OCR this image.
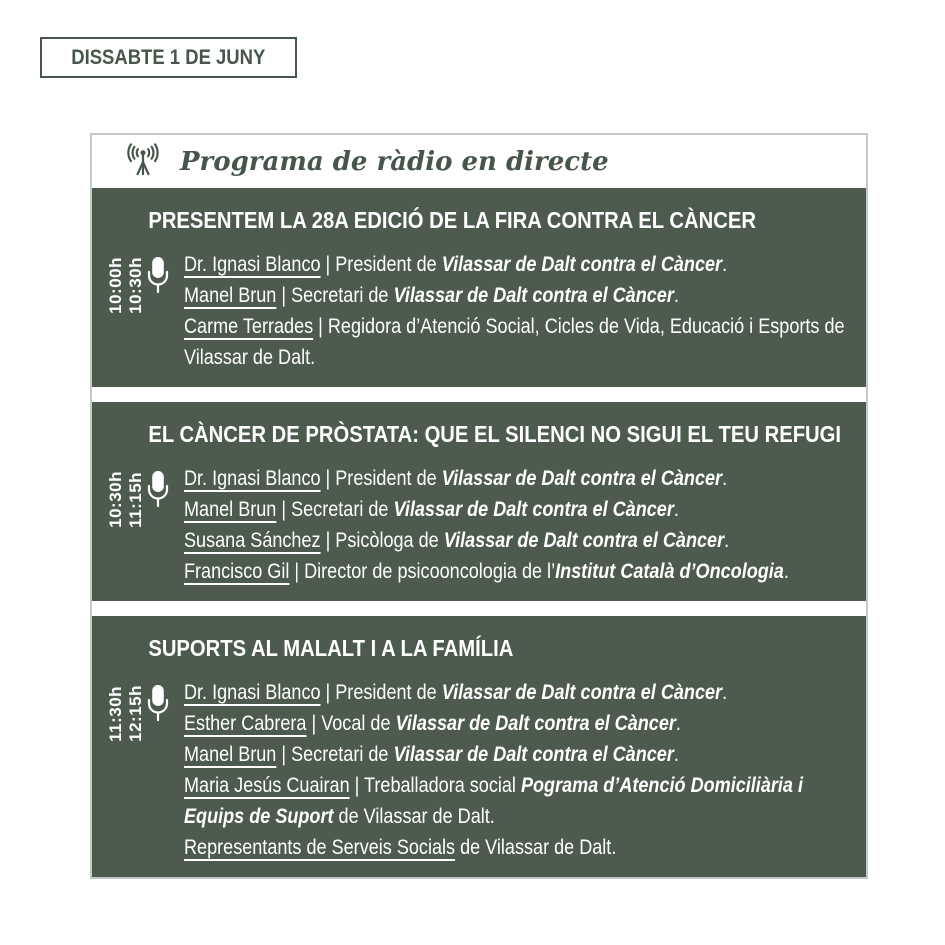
DISSABTE 1 DE JUNY
Programa de ràdio en directe
PRESENTEM LA 28A EDICIÓ DE LA FIRA CONTRA EL CÀNCER
10:00h 10:30h Dr. Ignasi Blanco | President de Vilassar de Dalt contra el Càncer.

Manel Brun | Secretari de Vilassar de Dalt contra el Càncer.

Carme Terrades | Regidora d’Atenció Social, Cicles de Vida, Educació i Esports de Vilassar de Dalt.

EL CÀNCER DE PRÒSTATA: QUE EL SILENCI NO SIGUI EL TEU REFUGI
10:30h 11:15h Dr. Ignasi Blanco | President de Vilassar de Dalt contra el Càncer.

Manel Brun | Secretari de Vilassar de Dalt contra el Càncer.

Susana Sánchez | Psicòloga de Vilassar de Dalt contra el Càncer.

Francisco Gil | Director de psicooncologia de l’Institut Català d’Oncologia.

SUPORTS AL MALALT I A LA FAMÍLIA
11:30h 12:15h Dr. Ignasi Blanco | President de Vilassar de Dalt contra el Càncer.

Esther Cabrera | Vocal de Vilassar de Dalt contra el Càncer.

Manel Brun | Secretari de Vilassar de Dalt contra el Càncer.

Maria Jesús Cuairan | Treballadora social Pograma d’Atenció Domiciliària i Equips de Suport de Vilassar de Dalt.

Representants de Serveis Socials de Vilassar de Dalt.
